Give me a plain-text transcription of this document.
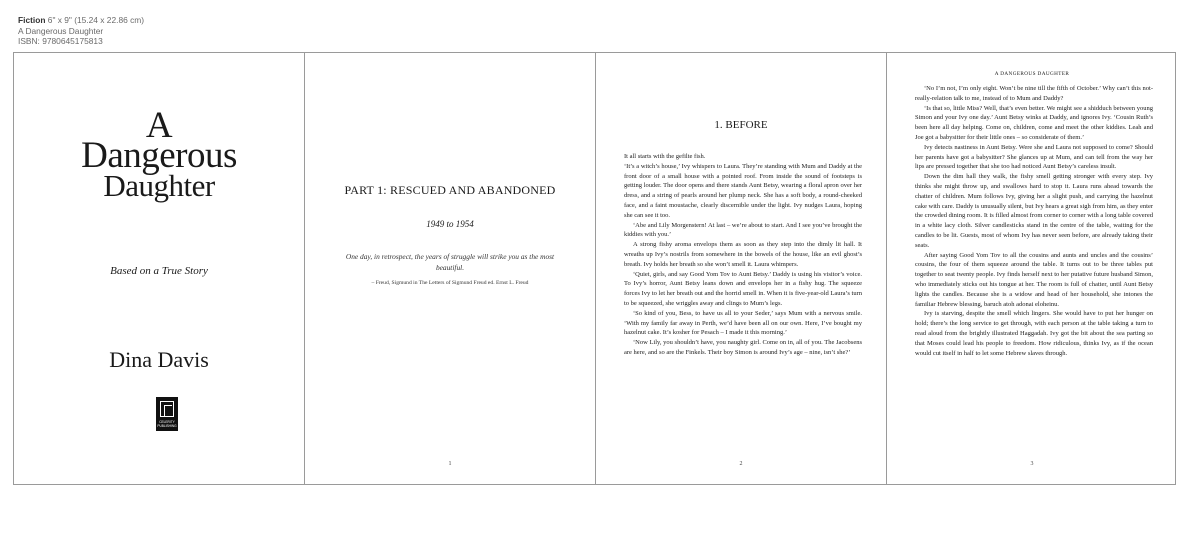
Fiction 6" x 9" (15.24 x 22.86 cm)
A Dangerous Daughter
ISBN: 9780645175813
A
Dangerous
Daughter
Based on a True Story
Dina Davis
CELERITY PUBLISHING
PART 1: RESCUED AND ABANDONED
1949 to 1954
One day, in retrospect, the years of struggle will strike you as the most beautiful.
– Freud, Sigmund in The Letters of Sigmund Freud ed. Ernst L. Freud
1
1. BEFORE

It all starts with the gefilte fish.

‘It’s a witch’s house,’ Ivy whispers to Laura. They’re standing with Mum and Daddy at the front door of a small house with a pointed roof. From inside the sound of footsteps is getting louder. The door opens and there stands Aunt Betsy, wearing a floral apron over her dress, and a string of pearls around her plump neck. She has a soft body, a round-cheeked face, and a faint moustache, clearly discernible under the light. Ivy nudges Laura, hoping she can see it too.

‘Abe and Lily Morgenstern! At last – we’re about to start. And I see you’ve brought the kiddies with you.’

A strong fishy aroma envelops them as soon as they step into the dimly lit hall. It wreaths up Ivy’s nostrils from somewhere in the bowels of the house, like an evil ghost’s breath. Ivy holds her breath so she won’t smell it. Laura whimpers.

‘Quiet, girls, and say Good Yom Tov to Aunt Betsy.’ Daddy is using his visitor’s voice. To Ivy’s horror, Aunt Betsy leans down and envelops her in a fishy hug. The squeeze forces Ivy to let her breath out and the horrid smell in. When it is five-year-old Laura’s turn to be squeezed, she wriggles away and clings to Mum’s legs.

‘So kind of you, Bess, to have us all to your Seder,’ says Mum with a nervous smile. ‘With my family far away in Perth, we’d have been all on our own. Here, I’ve bought my hazelnut cake. It’s kosher for Pesach – I made it this morning.’

‘Now Lily, you shouldn’t have, you naughty girl. Come on in, all of you. The Jacobsens are here, and so are the Finkels. Their boy Simon is around Ivy’s age – nine, isn’t she?’

2
A DANGEROUS DAUGHTER

‘No I’m not, I’m only eight. Won’t be nine till the fifth of October.’ Why can’t this not-really-relation talk to me, instead of to Mum and Daddy?

‘Is that so, little Miss? Well, that’s even better. We might see a shidduch between young Simon and your Ivy one day.’ Aunt Betsy winks at Daddy, and ignores Ivy. ‘Cousin Ruth’s been here all day helping. Come on, children, come and meet the other kiddies. Leah and Joe got a babysitter for their little ones – so considerate of them.’

Ivy detects nastiness in Aunt Betsy. Were she and Laura not supposed to come? Should her parents have got a babysitter? She glances up at Mum, and can tell from the way her lips are pressed together that she too had noticed Aunt Betsy’s careless insult.

Down the dim hall they walk, the fishy smell getting stronger with every step. Ivy thinks she might throw up, and swallows hard to stop it. Laura runs ahead towards the chatter of children. Mum follows Ivy, giving her a slight push, and carrying the hazelnut cake with care. Daddy is unusually silent, but Ivy hears a great sigh from him, as they enter the crowded dining room. It is filled almost from corner to corner with a long table covered in a white lacy cloth. Silver candlesticks stand in the centre of the table, waiting for the candles to be lit. Guests, most of whom Ivy has never seen before, are already taking their seats.

After saying Good Yom Tov to all the cousins and aunts and uncles and the cousins’ cousins, the four of them squeeze around the table. It turns out to be three tables put together to seat twenty people. Ivy finds herself next to her putative future husband Simon, who immediately sticks out his tongue at her. The room is full of chatter, until Aunt Betsy lights the candles. Because she is a widow and head of her household, she intones the familiar Hebrew blessing, baruch atoh adonai eloheinu.

Ivy is starving, despite the smell which lingers. She would have to put her hunger on hold; there’s the long service to get through, with each person at the table taking a turn to read aloud from the brightly illustrated Haggadah. Ivy got the bit about the sea parting so that Moses could lead his people to freedom. How ridiculous, thinks Ivy, as if the ocean would cut itself in half to let some Hebrew slaves through.

3
